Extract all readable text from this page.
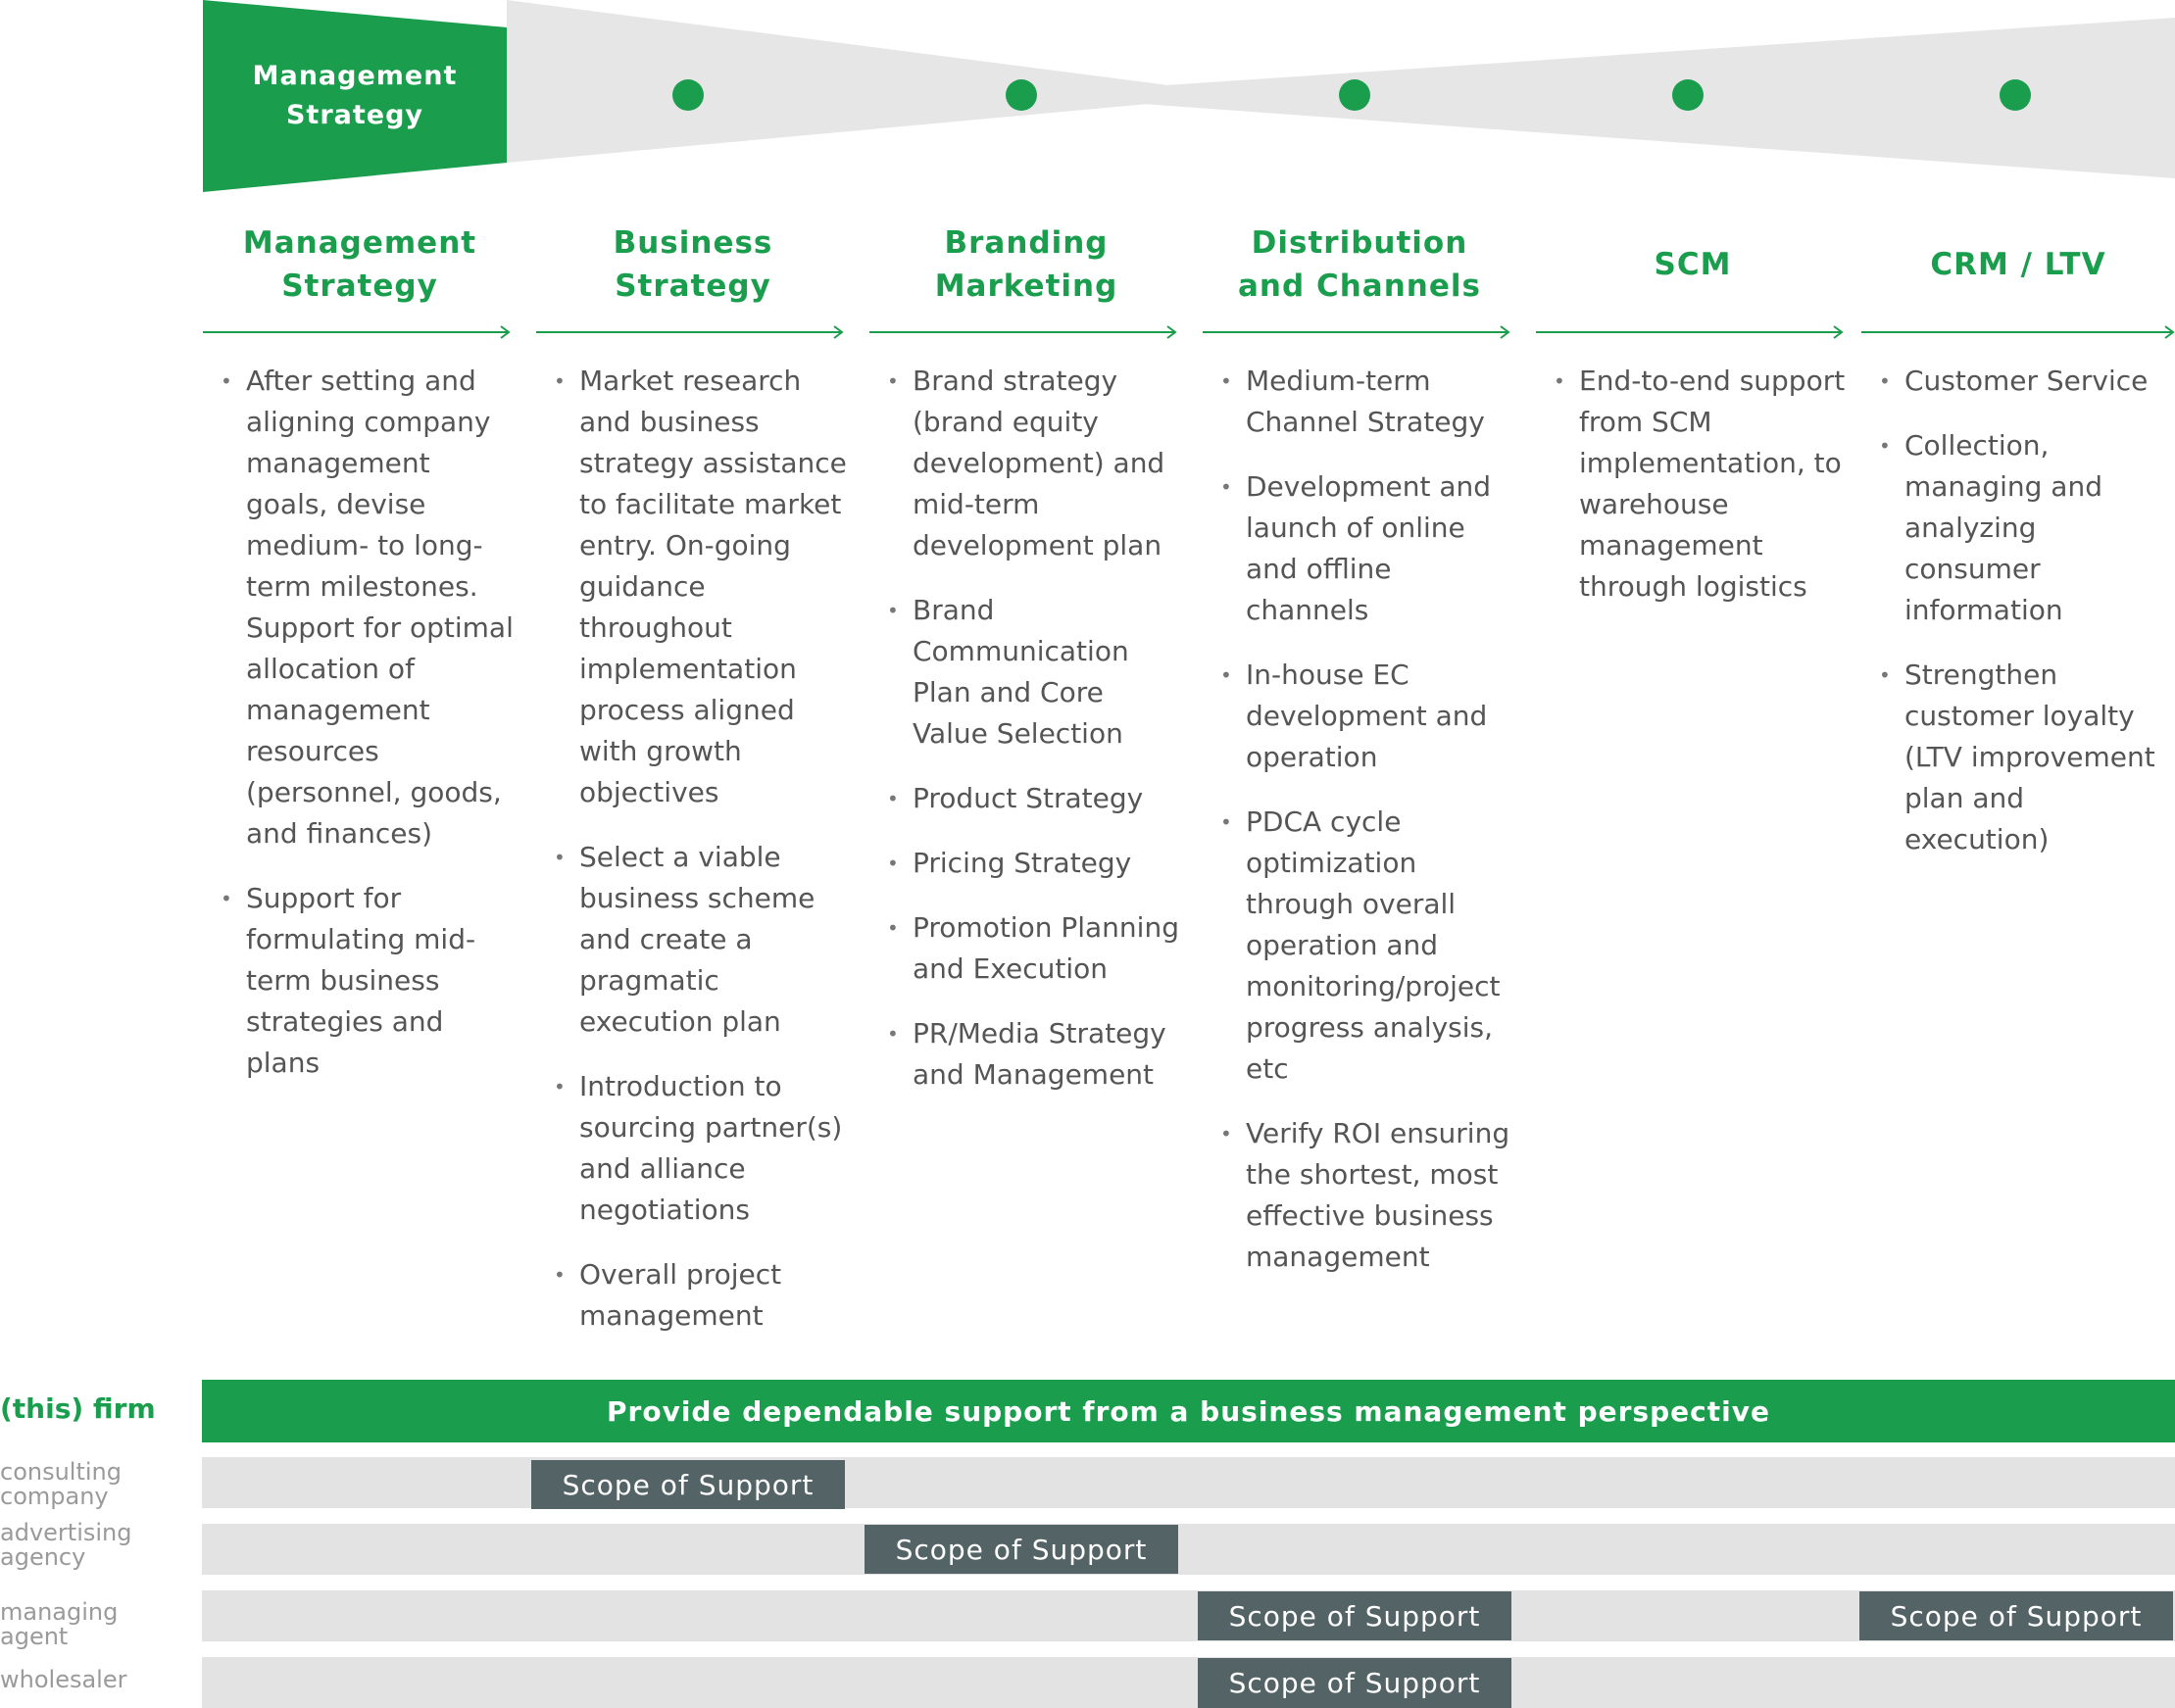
Management Strategy
Management
Strategy
• After setting and aligning company management goals, devise medium- to long-term milestones. Support for optimal allocation of management resources (personnel, goods, and finances)
• Support for formulating mid-term business strategies and plans
Business
Strategy
• Market research and business strategy assistance to facilitate market entry. On-going guidance throughout implementation process aligned with growth objectives
• Select a viable business scheme and create a pragmatic execution plan
• Introduction to sourcing partner(s) and alliance negotiations
• Overall project management
Branding
Marketing
• Brand strategy (brand equity development) and mid-term development plan
• Brand Communication Plan and Core Value Selection
• Product Strategy
• Pricing Strategy
• Promotion Planning and Execution
• PR/Media Strategy and Management
Distribution
and Channels
• Medium-term Channel Strategy
• Development and launch of online and offline channels
• In-house EC development and operation
• PDCA cycle optimization through overall operation and monitoring/project progress analysis, etc
• Verify ROI ensuring the shortest, most effective business management
SCM
• End-to-end support from SCM implementation, to warehouse management through logistics
CRM / LTV
• Customer Service
• Collection, managing and analyzing consumer information
• Strengthen customer loyalty (LTV improvement plan and execution)
(this) firm	Provide dependable support from a business management perspective
consulting company
advertising agency
managing agent
wholesaler
Scope of Support
Scope of Support
Scope of Support	Scope of Support
Scope of Support
